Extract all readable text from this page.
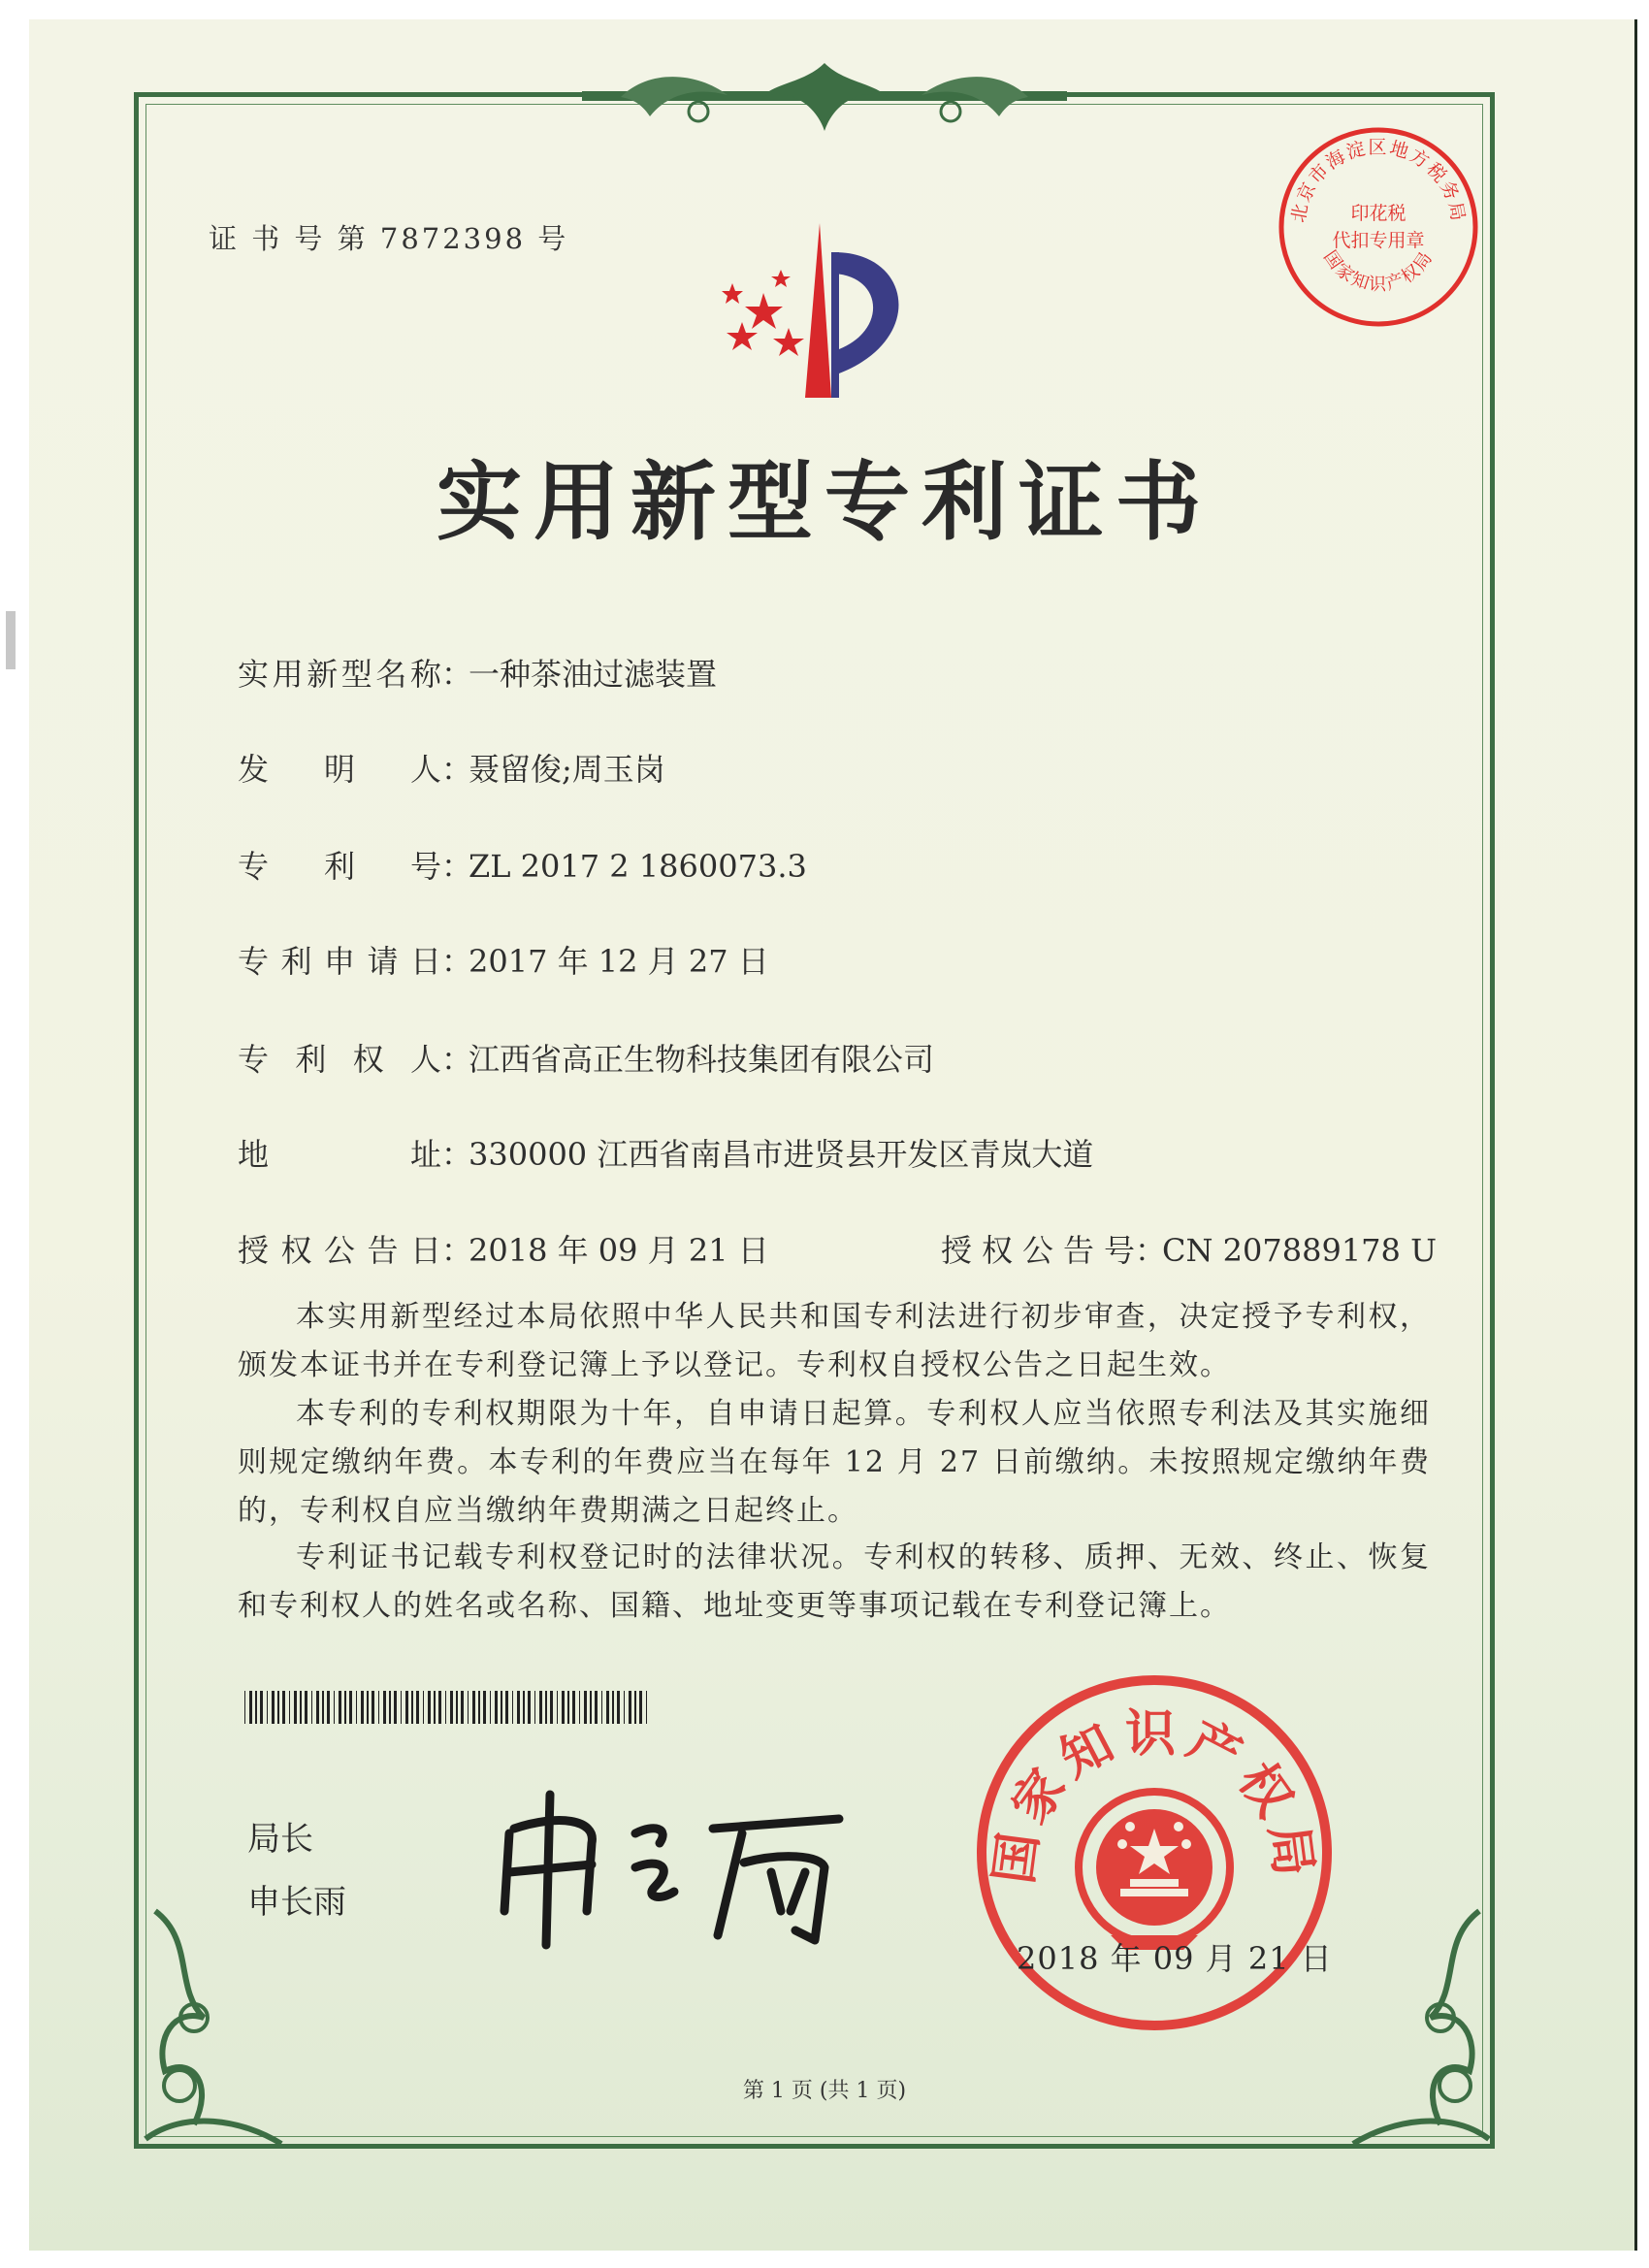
证 书 号 第 7872398 号
北京市海淀区地方税务局
印花税
代扣专用章
国家知识产权局
实用新型专利证书
实用新型名称：一种茶油过滤装置
发明人：聂留俊;周玉岗
专利号：ZL 2017 2 1860073.3
专利申请日：2017 年 12 月 27 日
专利权人：江西省高正生物科技集团有限公司
地址：330000 江西省南昌市进贤县开发区青岚大道
授权公告日：2018 年 09 月 21 日	授权公告号：CN 207889178 U
本实用新型经过本局依照中华人民共和国专利法进行初步审查，决定授予专利权，颁发本证书并在专利登记簿上予以登记。专利权自授权公告之日起生效。
本专利的专利权期限为十年，自申请日起算。专利权人应当依照专利法及其实施细则规定缴纳年费。本专利的年费应当在每年 12 月 27 日前缴纳。未按照规定缴纳年费的，专利权自应当缴纳年费期满之日起终止。
专利证书记载专利权登记时的法律状况。专利权的转移、质押、无效、终止、恢复和专利权人的姓名或名称、国籍、地址变更等事项记载在专利登记簿上。
局长
申长雨
国家知识产权局
2018 年 09 月 21 日
第 1 页 (共 1 页)
